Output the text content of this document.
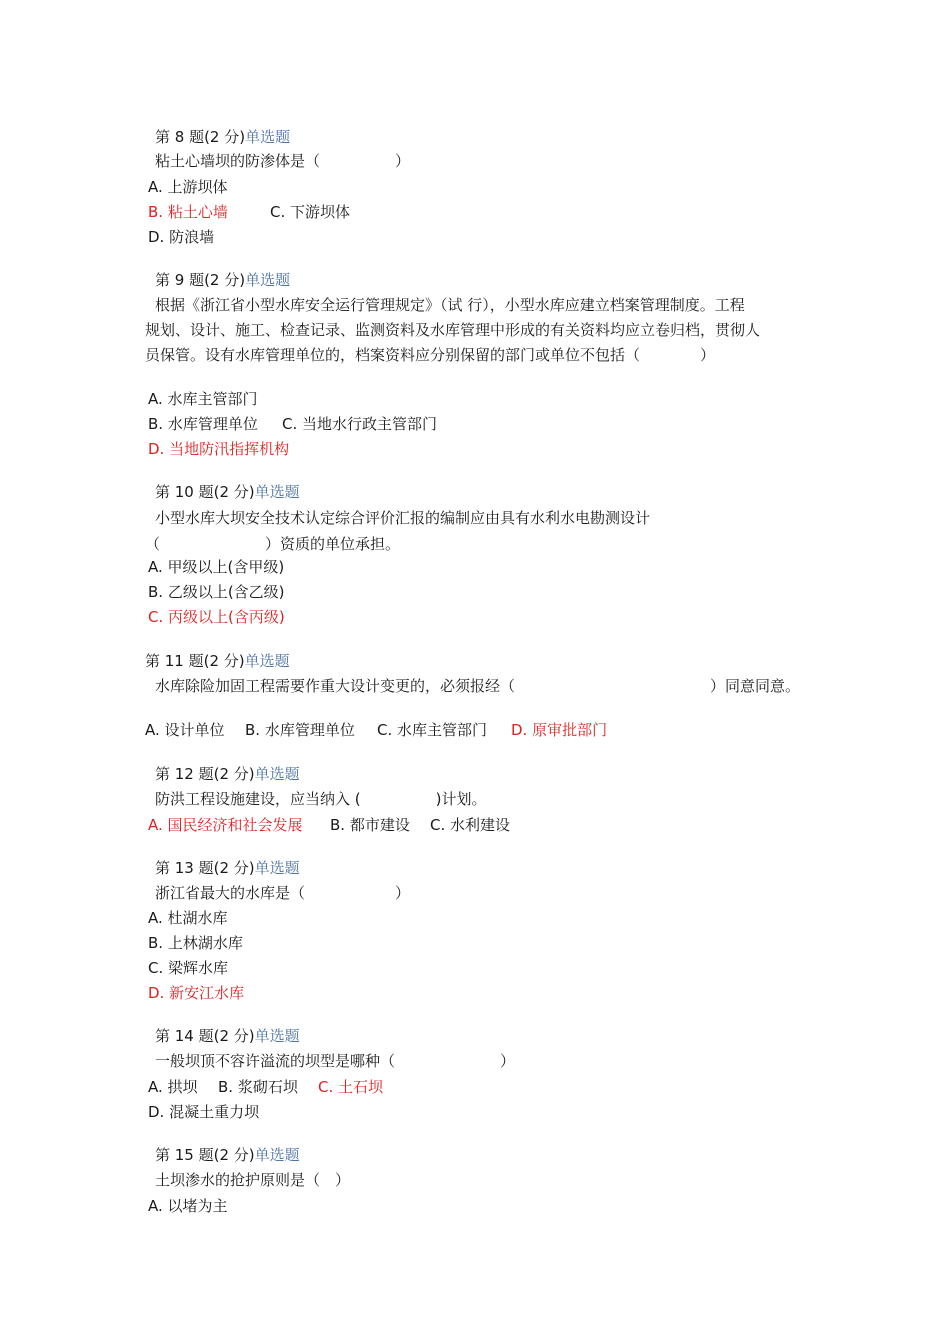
第 8 题(2 分)单选题
粘土心墙坝的防渗体是（　　　　　）
A. 上游坝体
B. 粘土心墙	C. 下游坝体
D. 防浪墙
第 9 题(2 分)单选题
根据《浙江省小型水库安全运行管理规定》（试 行），小型水库应建立档案管理制度。工程
规划、设计、施工、检查记录、监测资料及水库管理中形成的有关资料均应立卷归档，贯彻人
员保管。设有水库管理单位的，档案资料应分别保留的部门或单位不包括（　　　　）
A. 水库主管部门
B. 水库管理单位 C. 当地水行政主管部门
D. 当地防汛指挥机构
第 10 题(2 分)单选题
小型水库大坝安全技术认定综合评价汇报的编制应由具有水利水电勘测设计
（　　　　　　　）资质的单位承担。
A. 甲级以上(含甲级)
B. 乙级以上(含乙级)
C. 丙级以上(含丙级)
第 11 题(2 分)单选题
水库除险加固工程需要作重大设计变更的，必须报经（　　　　　　　　　　　　　）同意同意。
A. 设计单位 B. 水库管理单位 C. 水库主管部门 D. 原审批部门
第 12 题(2 分)单选题
防洪工程设施建设，应当纳入 (　　　　　)计划。
A. 国民经济和社会发展 B. 都市建设 C. 水利建设
第 13 题(2 分)单选题
浙江省最大的水库是（　　　　　　）
A. 杜湖水库
B. 上林湖水库
C. 梁辉水库
D. 新安江水库
第 14 题(2 分)单选题
一般坝顶不容许溢流的坝型是哪种（　　　　　　　）
A. 拱坝 B. 浆砌石坝 C. 土石坝
D. 混凝土重力坝
第 15 题(2 分)单选题
土坝渗水的抢护原则是（　）
A. 以堵为主
